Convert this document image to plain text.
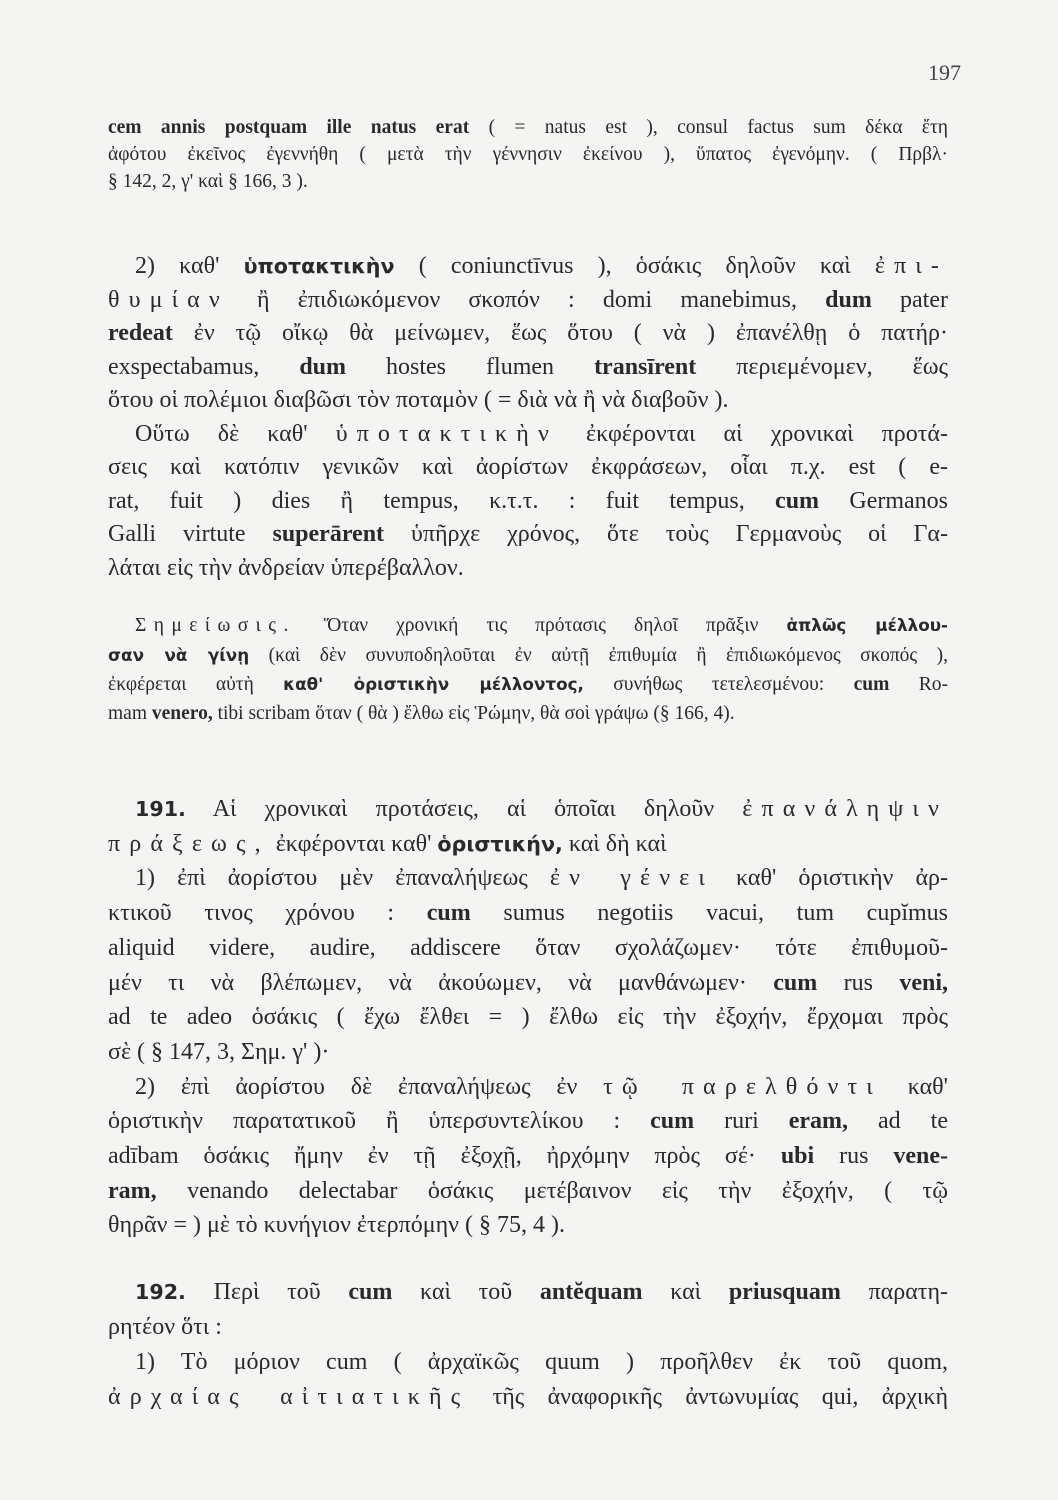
197
cem annis postquam ille natus erat ( = natus est ), consul factus sum δέκα ἔτη
ἀφότου ἐκεῖνος ἐγεννήθη ( μετὰ τὴν γέννησιν ἐκείνου ), ὕπατος ἐγενόμην. ( Πρβλ·
§ 142, 2, γ' καὶ § 166, 3 ).
2) καθ' ὑποτακτικὴν ( coniunctīvus ), ὁσάκις δηλοῦν καὶ ἐπι-
θυμίαν ἢ ἐπιδιωκόμενον σκοπόν : domi manebimus, dum pater
redeat ἐν τῷ οἴκῳ θὰ μείνωμεν, ἕως ὅτου ( νὰ ) ἐπανέλθῃ ὁ πατήρ·
exspectabamus, dum hostes flumen transīrent περιεμένομεν, ἕως
ὅτου οἱ πολέμιοι διαβῶσι τὸν ποταμὸν ( = διὰ νὰ ἢ νὰ διαβοῦν ).
Οὕτω δὲ καθ' ὑποτακτικὴν ἐκφέρονται αἱ χρονικαὶ προτά-
σεις καὶ κατόπιν γενικῶν καὶ ἀορίστων ἐκφράσεων, οἷαι π.χ. est ( e-
rat, fuit ) dies ἢ tempus, κ.τ.τ. : fuit tempus, cum Germanos
Galli virtute superārent ὑπῆρχε χρόνος, ὅτε τοὺς Γερμανοὺς οἱ Γα-
λάται εἰς τὴν ἀνδρείαν ὑπερέβαλλον.
Σημείωσις. Ὅταν χρονική τις πρότασις δηλοῖ πρᾶξιν ἁπλῶς μέλλου-
σαν νὰ γίνῃ (καὶ δὲν συνυποδηλοῦται ἐν αὐτῇ ἐπιθυμία ἢ ἐπιδιωκόμενος σκοπός ),
ἐκφέρεται αὐτὴ καθ' ὁριστικὴν μέλλοντος, συνήθως τετελεσμένου: cum Ro-
mam venero, tibi scribam ὅταν ( θὰ ) ἔλθω εἰς Ῥώμην, θὰ σοὶ γράψω (§ 166, 4).
191. Αἱ χρονικαὶ προτάσεις, αἱ ὁποῖαι δηλοῦν ἐπανάληψιν
πράξεως, ἐκφέρονται καθ' ὁριστικήν, καὶ δὴ καὶ
1) ἐπὶ ἀορίστου μὲν ἐπαναλήψεως ἐν γένει καθ' ὁριστικὴν ἀρ-
κτικοῦ τινος χρόνου : cum sumus negotiis vacui, tum cupĭmus
aliquid videre, audire, addiscere ὅταν σχολάζωμεν· τότε ἐπιθυμοῦ-
μέν τι νὰ βλέπωμεν, νὰ ἀκούωμεν, νὰ μανθάνωμεν· cum rus veni,
ad te adeo ὁσάκις ( ἔχω ἔλθει = ) ἔλθω εἰς τὴν ἐξοχήν, ἔρχομαι πρὸς
σὲ ( § 147, 3, Σημ. γ' )·
2) ἐπὶ ἀορίστου δὲ ἐπαναλήψεως ἐν τῷ παρελθόντι καθ'
ὁριστικὴν παρατατικοῦ ἢ ὑπερσυντελίκου : cum ruri eram, ad te
adībam ὁσάκις ἤμην ἐν τῇ ἐξοχῇ, ἠρχόμην πρὸς σέ· ubi rus vene-
ram, venando delectabar ὁσάκις μετέβαινον εἰς τὴν ἐξοχήν, ( τῷ
θηρᾶν = ) μὲ τὸ κυνήγιον ἐτερπόμην ( § 75, 4 ).
192. Περὶ τοῦ cum καὶ τοῦ antĕquam καὶ priusquam παρατη-
ρητέον ὅτι :
1) Τὸ μόριον cum ( ἀρχαϊκῶς quum ) προῆλθεν ἐκ τοῦ quom,
ἀρχαίας αἰτιατικῆς τῆς ἀναφορικῆς ἀντωνυμίας qui, ἀρχικὴ
